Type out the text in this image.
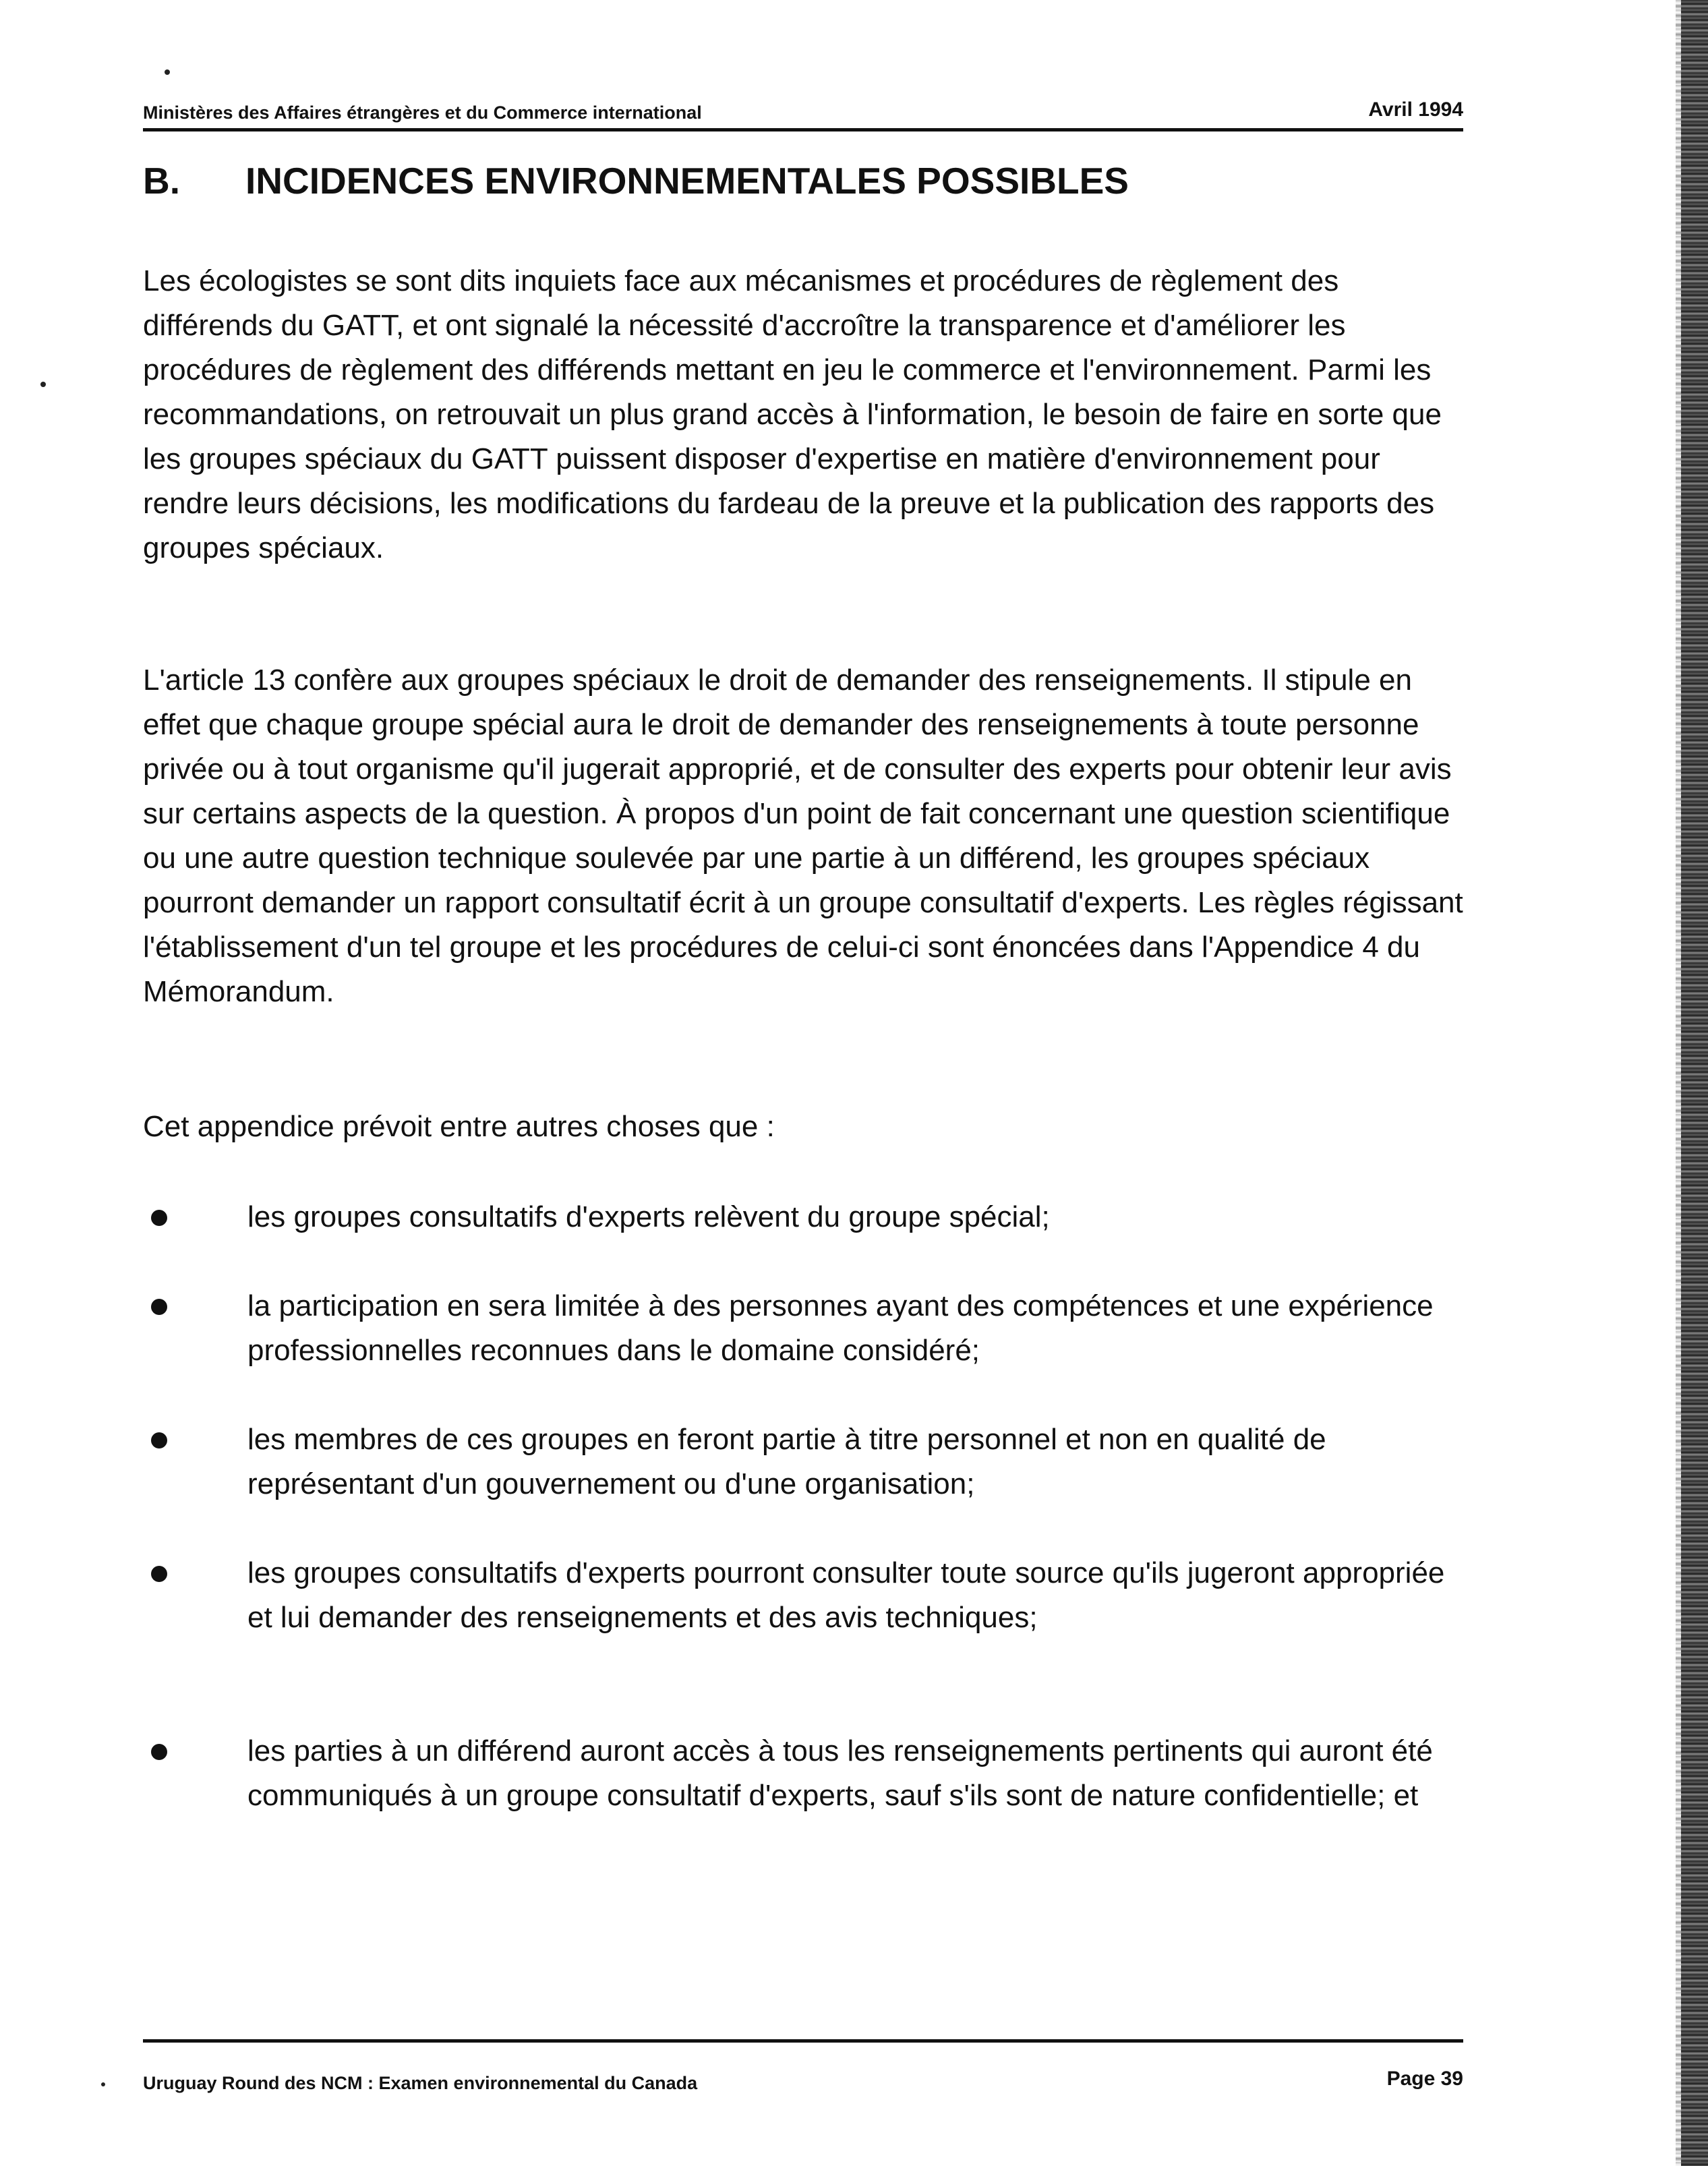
Ministères des Affaires étrangères et du Commerce international	Avril 1994
B. INCIDENCES ENVIRONNEMENTALES POSSIBLES

Les écologistes se sont dits inquiets face aux mécanismes et procédures de règlement des différends du GATT, et ont signalé la nécessité d'accroître la transparence et d'améliorer les procédures de règlement des différends mettant en jeu le commerce et l'environnement. Parmi les recommandations, on retrouvait un plus grand accès à l'information, le besoin de faire en sorte que les groupes spéciaux du GATT puissent disposer d'expertise en matière d'environnement pour rendre leurs décisions, les modifications du fardeau de la preuve et la publication des rapports des groupes spéciaux.

L'article 13 confère aux groupes spéciaux le droit de demander des renseignements. Il stipule en effet que chaque groupe spécial aura le droit de demander des renseignements à toute personne privée ou à tout organisme qu'il jugerait approprié, et de consulter des experts pour obtenir leur avis sur certains aspects de la question. À propos d'un point de fait concernant une question scientifique ou une autre question technique soulevée par une partie à un différend, les groupes spéciaux pourront demander un rapport consultatif écrit à un groupe consultatif d'experts. Les règles régissant l'établissement d'un tel groupe et les procédures de celui-ci sont énoncées dans l'Appendice 4 du Mémorandum.

Cet appendice prévoit entre autres choses que :

les groupes consultatifs d'experts relèvent du groupe spécial;
la participation en sera limitée à des personnes ayant des compétences et une expérience professionnelles reconnues dans le domaine considéré;
les membres de ces groupes en feront partie à titre personnel et non en qualité de représentant d'un gouvernement ou d'une organisation;
les groupes consultatifs d'experts pourront consulter toute source qu'ils jugeront appropriée et lui demander des renseignements et des avis techniques;
les parties à un différend auront accès à tous les renseignements pertinents qui auront été communiqués à un groupe consultatif d'experts, sauf s'ils sont de nature confidentielle; et
Uruguay Round des NCM : Examen environnemental du Canada	Page 39
